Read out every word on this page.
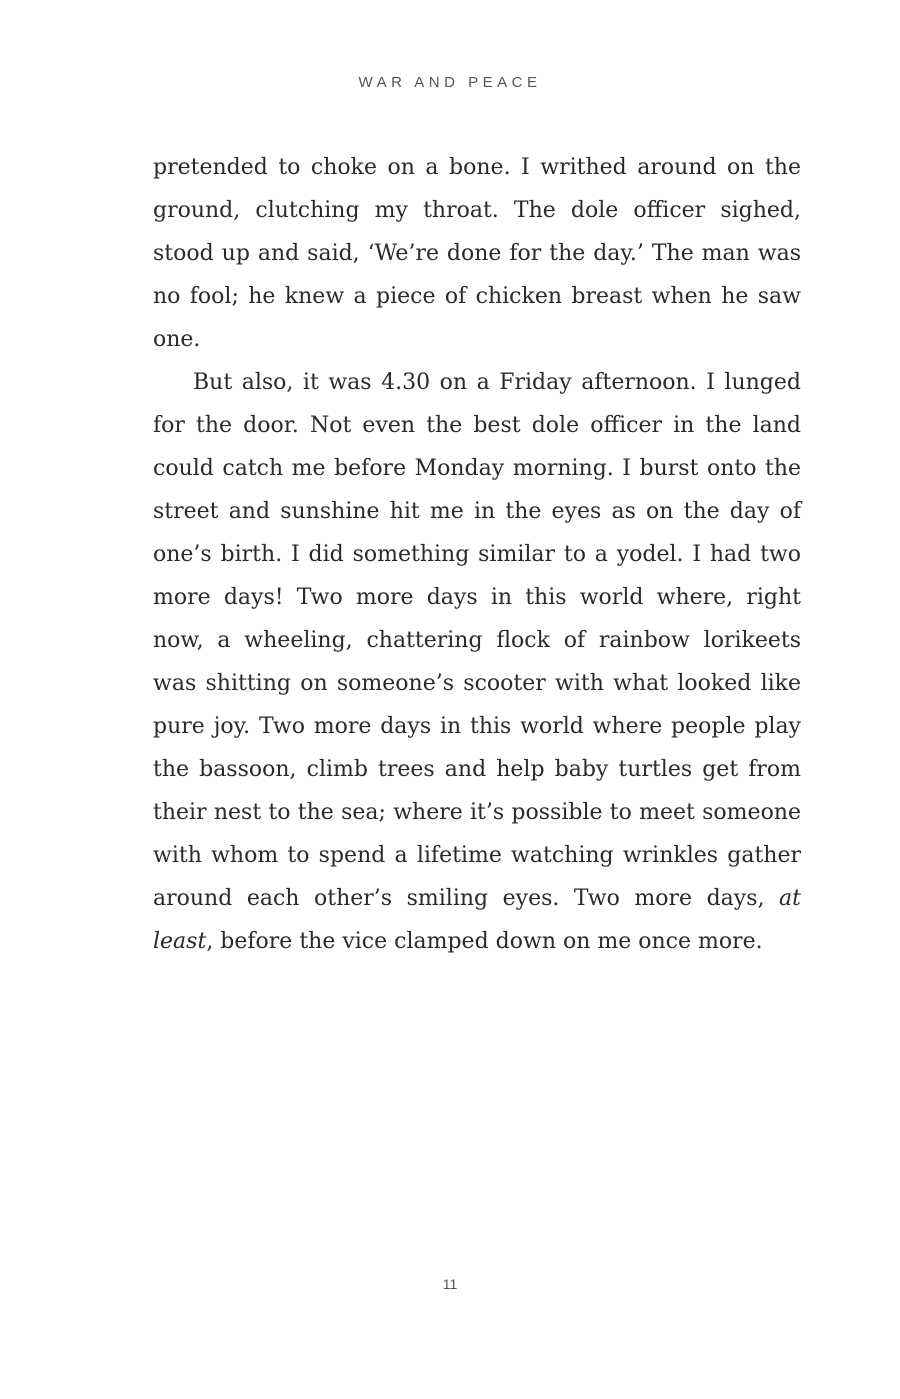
WAR AND PEACE

pretended to choke on a bone. I writhed around on the ground, clutching my throat. The dole officer sighed, stood up and said, ‘We’re done for the day.’ The man was no fool; he knew a piece of chicken breast when he saw one.

But also, it was 4.30 on a Friday afternoon. I lunged for the door. Not even the best dole officer in the land could catch me before Monday morning. I burst onto the street and sunshine hit me in the eyes as on the day of one’s birth. I did something similar to a yodel. I had two more days! Two more days in this world where, right now, a wheeling, chattering flock of rainbow lorikeets was shitting on someone’s scooter with what looked like pure joy. Two more days in this world where people play the bassoon, climb trees and help baby turtles get from their nest to the sea; where it’s possible to meet someone with whom to spend a lifetime watching wrinkles gather around each other’s smiling eyes. Two more days, at least, before the vice clamped down on me once more.

11
